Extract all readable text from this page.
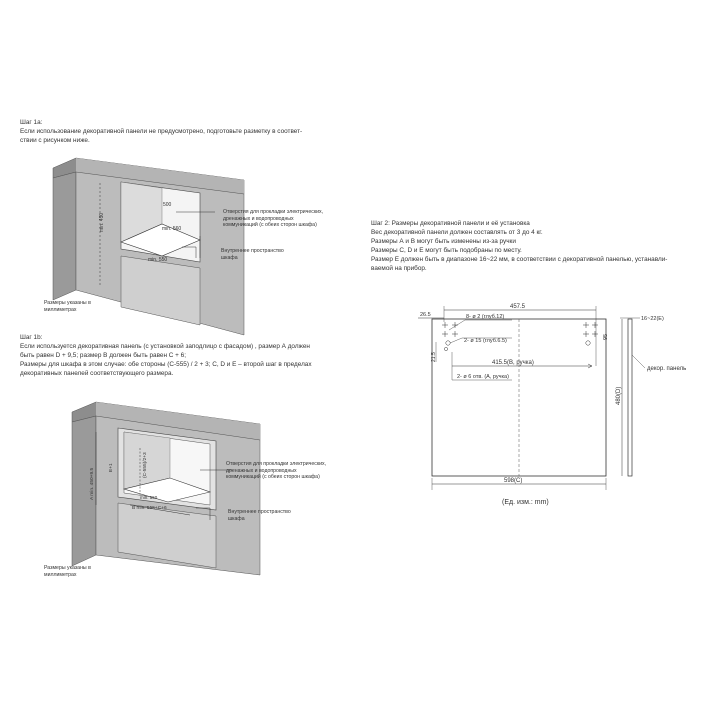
Шаг 1a:
Если использование декоративной панели не предусмотрено, подготовьте разметку в соответ-
ствии с рисунком ниже.
min. 450
min. 550
min. 560
500
Отверстия для прокладки электрических,
дренажных и водопроводных
коммуникаций (с обеих сторон шкафа)
Внутреннее пространство
шкафа
Размеры указаны в
миллиметрах
Шаг 1b:
Если используется декоративная панель (с установкой заподлицо с фасадом) , размер А должен
быть равен D + 9,5; размер B должен быть равен C + 6;
Размеры для шкафа в этом случае: обе стороны (C-555) / 2 + 3; C, D и E – второй шаг в пределах
декоративных панелей соответствующего размера.
A min. 450+9.5
(C-555)/2+3
E+1
B min. 555+C+6
min. 550
Отверстия для прокладки электрических,
дренажных и водопроводных
коммуникаций (с обеих сторон шкафа)
Внутреннее пространство
шкафа
Размеры указаны в
миллиметрах
Шаг 2: Размеры декоративной панели и её установка
Вес декоративной панели должен составлять от 3 до 4 кг.
Размеры А и В могут быть изменены из-за ручки
Размеры C, D и E могут быть подобраны по месту.
Размер E должен быть в диапазоне 16~22 мм, в соответствии с декоративной панелью, устанавли-
ваемой на прибор.
457.5
26.5	8- ø 2 (глуб.12)
2- ø 15 (глуб.6.5)
21.5
95
415.5(B, ручка)
2- ø 6 отв. (A, ручка)
16~22(E)
декор. панель
480(D)
598(C)
(Ед. изм.: mm)
